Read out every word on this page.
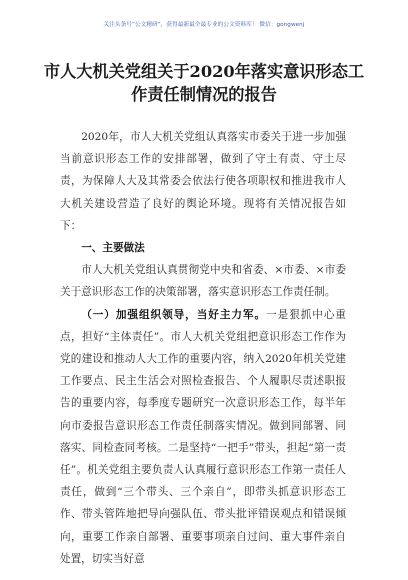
关注头条号“公文精研”，获得最新最全最专业的公文资料库！ 微信：gongwenj
市人大机关党组关于2020年落实意识形态工
作责任制情况的报告

2020年，市人大机关党组认真落实市委关于进一步加强当前意识形态工作的安排部署，做到了守土有责、守土尽责，为保障人大及其常委会依法行使各项职权和推进我市人大机关建设营造了良好的舆论环境。现将有关情况报告如下：

一、主要做法

市人大机关党组认真贯彻党中央和省委、×市委、×市委关于意识形态工作的决策部署，落实意识形态工作责任制。

（一）加强组织领导，当好主力军。一是狠抓中心重点，担好“主体责任”。市人大机关党组把意识形态工作作为党的建设和推动人大工作的重要内容，纳入2020年机关党建工作要点、民主生活会对照检查报告、个人履职尽责述职报告的重要内容，每季度专题研究一次意识形态工作，每半年向市委报告意识形态工作责任制落实情况。做到同部署、同落实、同检查同考核。二是坚持“一把手”带头，担起“第一责任”。机关党组主要负责人认真履行意识形态工作第一责任人责任，做到“三个带头、三个亲自”，即带头抓意识形态工作、带头管阵地把导向强队伍、带头批评错误观点和错误倾向，重要工作亲自部署、重要事项亲自过问、重大事件亲自处置，切实当好意
